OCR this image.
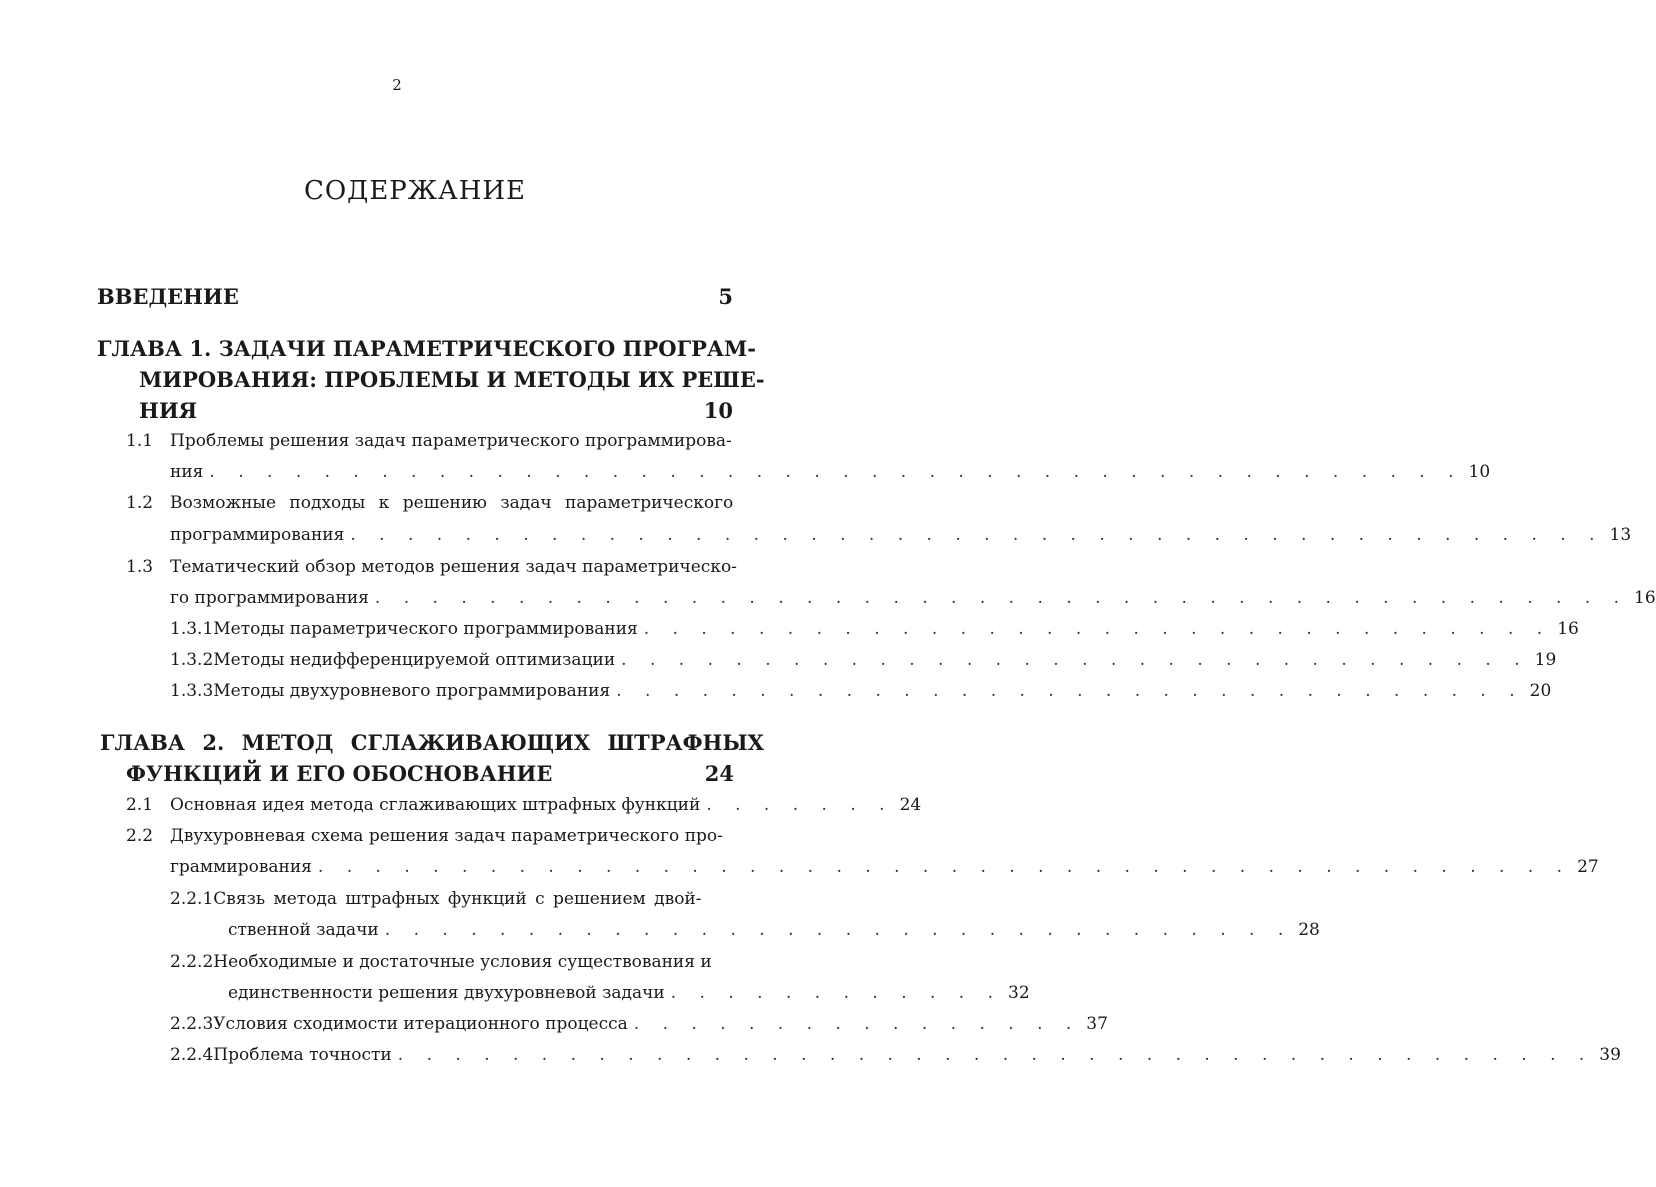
2
СОДЕРЖАНИЕ
ВВЕДЕНИЕ	5
ГЛАВА 1. ЗАДАЧИ ПАРАМЕТРИЧЕСКОГО ПРОГРАМ-
МИРОВАНИЯ: ПРОБЛЕМЫ И МЕТОДЫ ИХ РЕШЕ-
НИЯ	10
1.1 Проблемы решения задач параметрического программирова-
ния . . . . . . . . . . . . . . . . . . . . . . . . . . . . . . . . . . . . . . . . . . . . 10
1.2 Возможные подходы к решению задач параметрического
программирования . . . . . . . . . . . . . . . . . . . . . . . . . . . . . . . . . . . . . . . . . . . . 13
1.3 Тематический обзор методов решения задач параметрическо-
го программирования . . . . . . . . . . . . . . . . . . . . . . . . . . . . . . . . . . . . . . . . . . . . 16
1.3.1 Методы параметрического программирования . . . . . . . . . . . . . . . . . . . . . . . . . . . . . . . . 16
1.3.2 Методы недифференцируемой оптимизации . . . . . . . . . . . . . . . . . . . . . . . . . . . . . . . . 19
1.3.3 Методы двухуровневого программирования . . . . . . . . . . . . . . . . . . . . . . . . . . . . . . . . 20
ГЛАВА 2. МЕТОД СГЛАЖИВАЮЩИХ ШТРАФНЫХ
ФУНКЦИЙ И ЕГО ОБОСНОВАНИЕ	24
2.1 Основная идея метода сглаживающих штрафных функций . . . . . . . 24
2.2 Двухуровневая схема решения задач параметрического про-
граммирования . . . . . . . . . . . . . . . . . . . . . . . . . . . . . . . . . . . . . . . . . . . . 27
2.2.1 Связь метода штрафных функций с решением двой-
ственной задачи . . . . . . . . . . . . . . . . . . . . . . . . . . . . . . . . 28
2.2.2 Необходимые и достаточные условия существования и
единственности решения двухуровневой задачи . . . . . . . . . . . . 32
2.2.3 Условия сходимости итерационного процесса . . . . . . . . . . . . . . . . 37
2.2.4 Проблема точности . . . . . . . . . . . . . . . . . . . . . . . . . . . . . . . . . . . . . . . . . . 39
